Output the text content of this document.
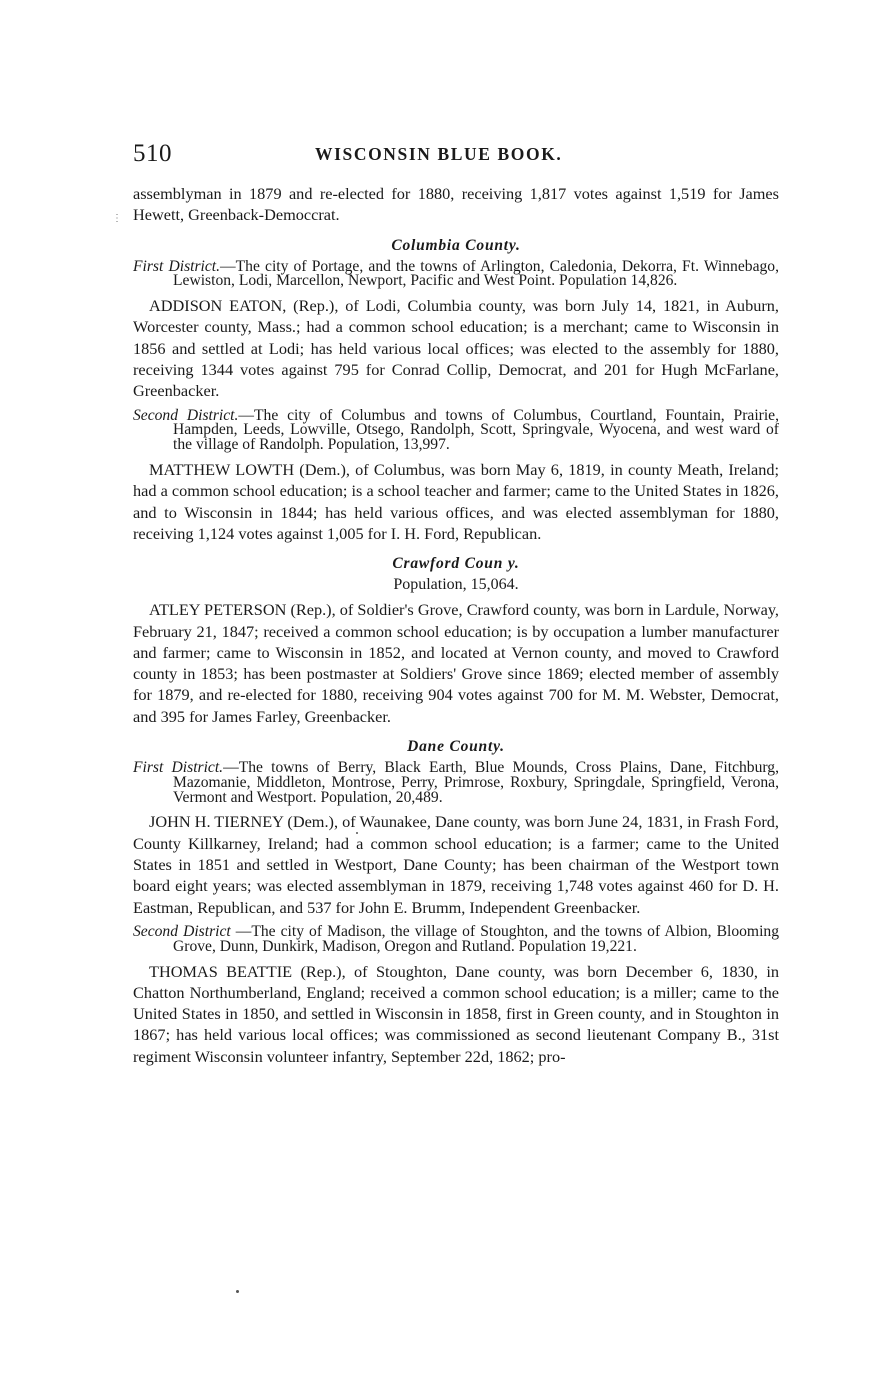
⋮
510	WISCONSIN BLUE BOOK.

assemblyman in 1879 and re-elected for 1880, receiving 1,817 votes against 1,519 for James Hewett, Greenback-Democcrat.

Columbia County.

First District.—The city of Portage, and the towns of Arlington, Caledonia, Dekorra, Ft. Winnebago, Lewiston, Lodi, Marcellon, Newport, Pacific and West Point. Population 14,826.

ADDISON EATON, (Rep.), of Lodi, Columbia county, was born July 14, 1821, in Auburn, Worcester county, Mass.; had a common school education; is a merchant; came to Wisconsin in 1856 and settled at Lodi; has held various local offices; was elected to the assembly for 1880, receiving 1344 votes against 795 for Conrad Collip, Democrat, and 201 for Hugh McFarlane, Greenbacker.

Second District.—The city of Columbus and towns of Columbus, Courtland, Fountain, Prairie, Hampden, Leeds, Lowville, Otsego, Randolph, Scott, Springvale, Wyocena, and west ward of the village of Randolph. Population, 13,997.

MATTHEW LOWTH (Dem.), of Columbus, was born May 6, 1819, in county Meath, Ireland; had a common school education; is a school teacher and farmer; came to the United States in 1826, and to Wisconsin in 1844; has held various offices, and was elected assemblyman for 1880, receiving 1,124 votes against 1,005 for I. H. Ford, Republican.

Crawford Coun y.
Population, 15,064.

ATLEY PETERSON (Rep.), of Soldier's Grove, Crawford county, was born in Lardule, Norway, February 21, 1847; received a common school education; is by occupation a lumber manufacturer and farmer; came to Wisconsin in 1852, and located at Vernon county, and moved to Crawford county in 1853; has been postmaster at Soldiers' Grove since 1869; elected member of assembly for 1879, and re-elected for 1880, receiving 904 votes against 700 for M. M. Webster, Democrat, and 395 for James Farley, Greenbacker.

Dane County.

First District.—The towns of Berry, Black Earth, Blue Mounds, Cross Plains, Dane, Fitchburg, Mazomanie, Middleton, Montrose, Perry, Primrose, Roxbury, Springdale, Springfield, Verona, Vermont and Westport. Population, 20,489.

JOHN H. TIERNEY (Dem.), of Waunakee, Dane county, was born June 24, 1831, in Frash Ford, County Killkarney, Ireland; had a common school education; is a farmer; came to the United States in 1851 and settled in Westport, Dane County; has been chairman of the Westport town board eight years; was elected assemblyman in 1879, receiving 1,748 votes against 460 for D. H. Eastman, Republican, and 537 for John E. Brumm, Independent Greenbacker.

Second District —The city of Madison, the village of Stoughton, and the towns of Albion, Blooming Grove, Dunn, Dunkirk, Madison, Oregon and Rutland. Population 19,221.

THOMAS BEATTIE (Rep.), of Stoughton, Dane county, was born December 6, 1830, in Chatton Northumberland, England; received a common school education; is a miller; came to the United States in 1850, and settled in Wisconsin in 1858, first in Green county, and in Stoughton in 1867; has held various local offices; was commissioned as second lieutenant Company B., 31st regiment Wisconsin volunteer infantry, September 22d, 1862; pro-
